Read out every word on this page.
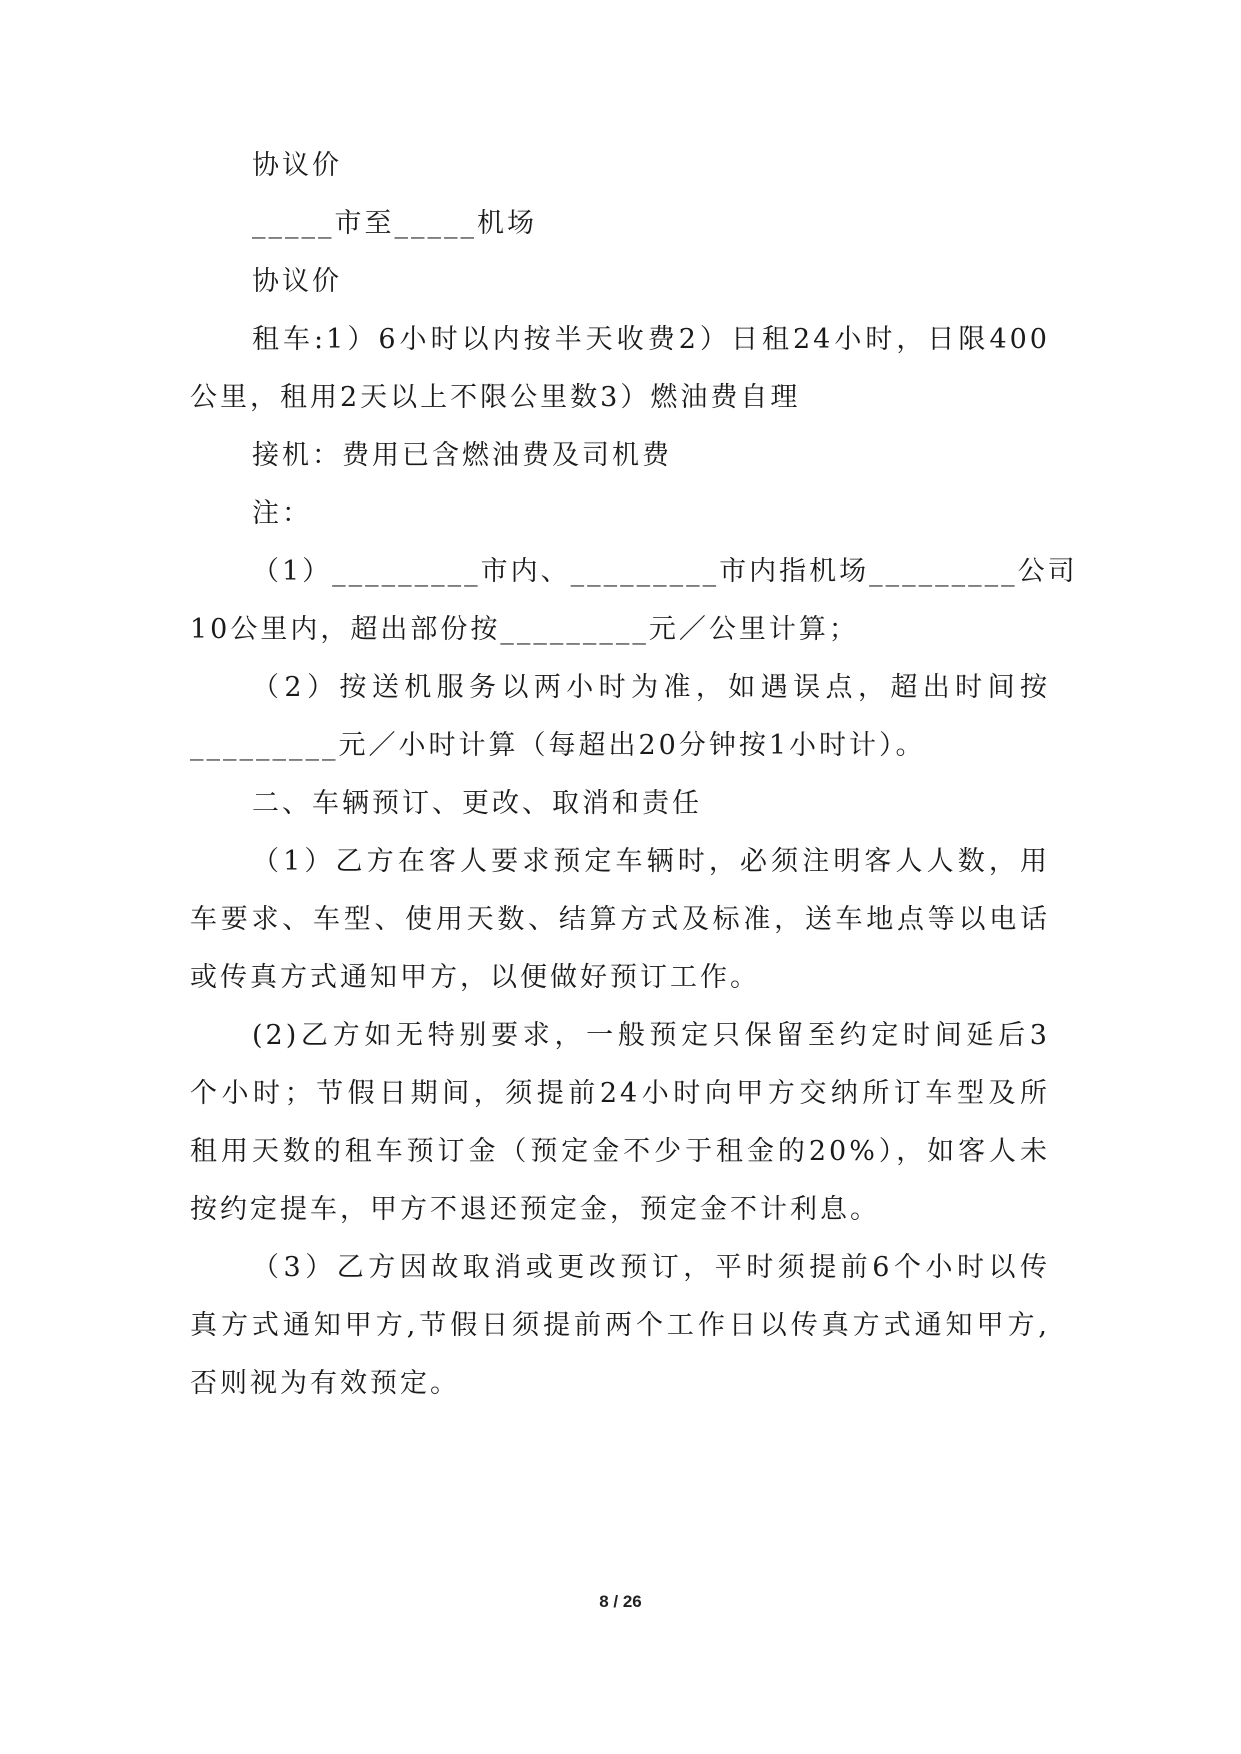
协议价

_____市至_____机场

协议价

租车:1）6小时以内按半天收费2）日租24小时，日限400

公里，租用2天以上不限公里数3）燃油费自理

接机：费用已含燃油费及司机费

注：

（1）_________市内、_________市内指机场_________公司

10公里内，超出部份按_________元／公里计算；

（2）按送机服务以两小时为准，如遇误点，超出时间按

_________元／小时计算（每超出20分钟按1小时计）。

二、车辆预订、更改、取消和责任

（1）乙方在客人要求预定车辆时，必须注明客人人数，用

车要求、车型、使用天数、结算方式及标准，送车地点等以电话

或传真方式通知甲方，以便做好预订工作。

(2)乙方如无特别要求，一般预定只保留至约定时间延后3

个小时；节假日期间，须提前24小时向甲方交纳所订车型及所

租用天数的租车预订金（预定金不少于租金的20%），如客人未

按约定提车，甲方不退还预定金，预定金不计利息。

（3）乙方因故取消或更改预订，平时须提前6个小时以传

真方式通知甲方,节假日须提前两个工作日以传真方式通知甲方,

否则视为有效预定。

8 / 26
